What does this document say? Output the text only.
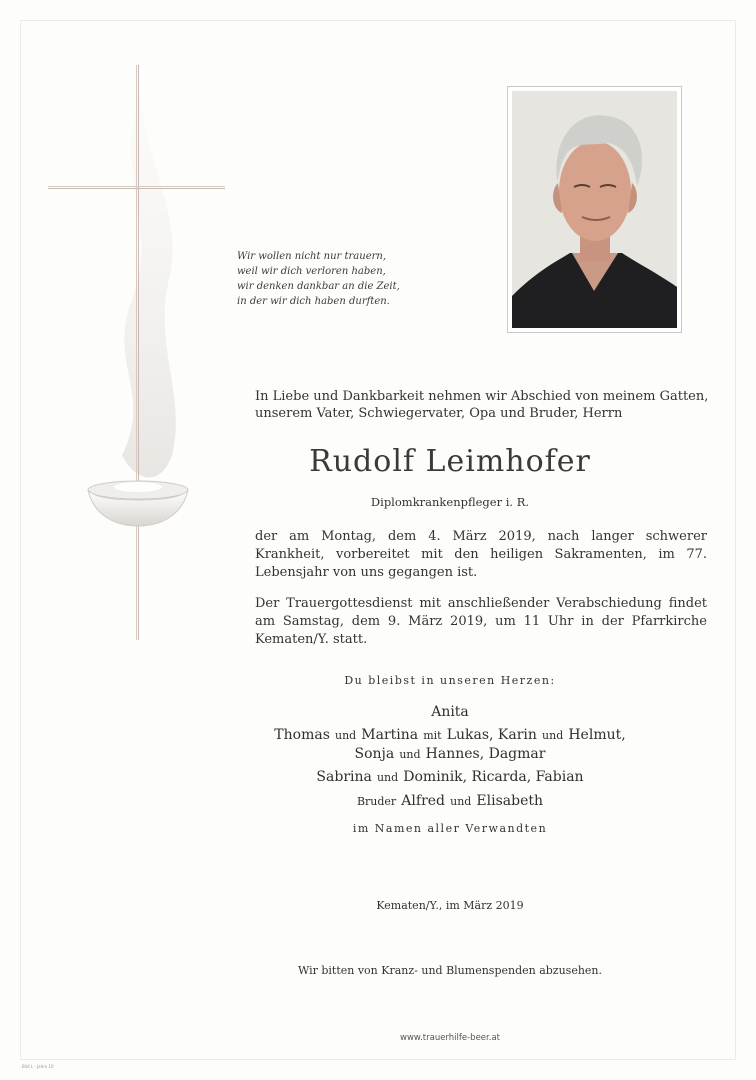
Wir wollen nicht nur trauern,
weil wir dich verloren haben,
wir denken dankbar an die Zeit,
in der wir dich haben durften.
In Liebe und Dankbarkeit nehmen wir Abschied von meinem Gatten,
unserem Vater, Schwiegervater, Opa und Bruder, Herrn
Rudolf Leimhofer
Diplomkrankenpfleger i. R.
der am Montag, dem 4. März 2019, nach langer schwerer Krankheit, vorbereitet mit den heiligen Sakramenten, im 77. Lebensjahr von uns gegangen ist.
Der Trauergottesdienst mit anschließender Verabschiedung findet am Samstag, dem 9. März 2019, um 11 Uhr in der Pfarrkirche Kematen/Y. statt.
Du bleibst in unseren Herzen:
Anita
Thomas und Martina mit Lukas, Karin und Helmut,
Sonja und Hannes, Dagmar
Sabrina und Dominik, Ricarda, Fabian
Bruder Alfred und Elisabeth
im Namen aller Verwandten
Kematen/Y., im März 2019
Wir bitten von Kranz- und Blumenspenden abzusehen.
www.trauerhilfe-beer.at
Bild L - Jahre 10
